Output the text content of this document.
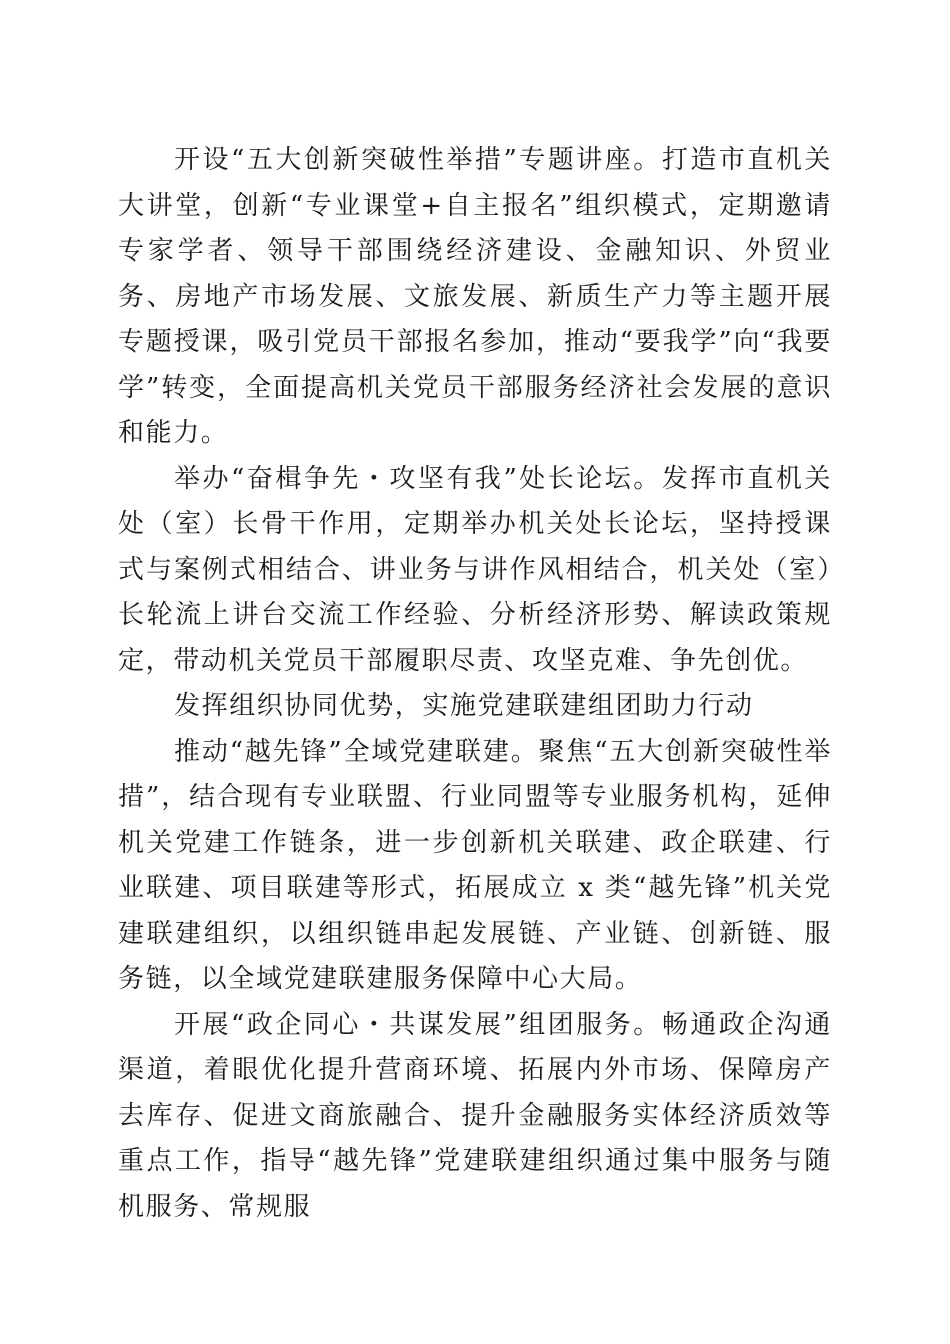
开设“五大创新突破性举措”专题讲座。打造市直机关大讲堂，创新“专业课堂+自主报名”组织模式，定期邀请专家学者、领导干部围绕经济建设、金融知识、外贸业务、房地产市场发展、文旅发展、新质生产力等主题开展专题授课，吸引党员干部报名参加，推动“要我学”向“我要学”转变，全面提高机关党员干部服务经济社会发展的意识和能力。

举办“奋楫争先・攻坚有我”处长论坛。发挥市直机关处（室）长骨干作用，定期举办机关处长论坛，坚持授课式与案例式相结合、讲业务与讲作风相结合，机关处（室）长轮流上讲台交流工作经验、分析经济形势、解读政策规定，带动机关党员干部履职尽责、攻坚克难、争先创优。

发挥组织协同优势，实施党建联建组团助力行动

推动“越先锋”全域党建联建。聚焦“五大创新突破性举措”，结合现有专业联盟、行业同盟等专业服务机构，延伸机关党建工作链条，进一步创新机关联建、政企联建、行业联建、项目联建等形式，拓展成立 x 类“越先锋”机关党建联建组织，以组织链串起发展链、产业链、创新链、服务链，以全域党建联建服务保障中心大局。

开展“政企同心・共谋发展”组团服务。畅通政企沟通渠道，着眼优化提升营商环境、拓展内外市场、保障房产去库存、促进文商旅融合、提升金融服务实体经济质效等重点工作，指导“越先锋”党建联建组织通过集中服务与随机服务、常规服
